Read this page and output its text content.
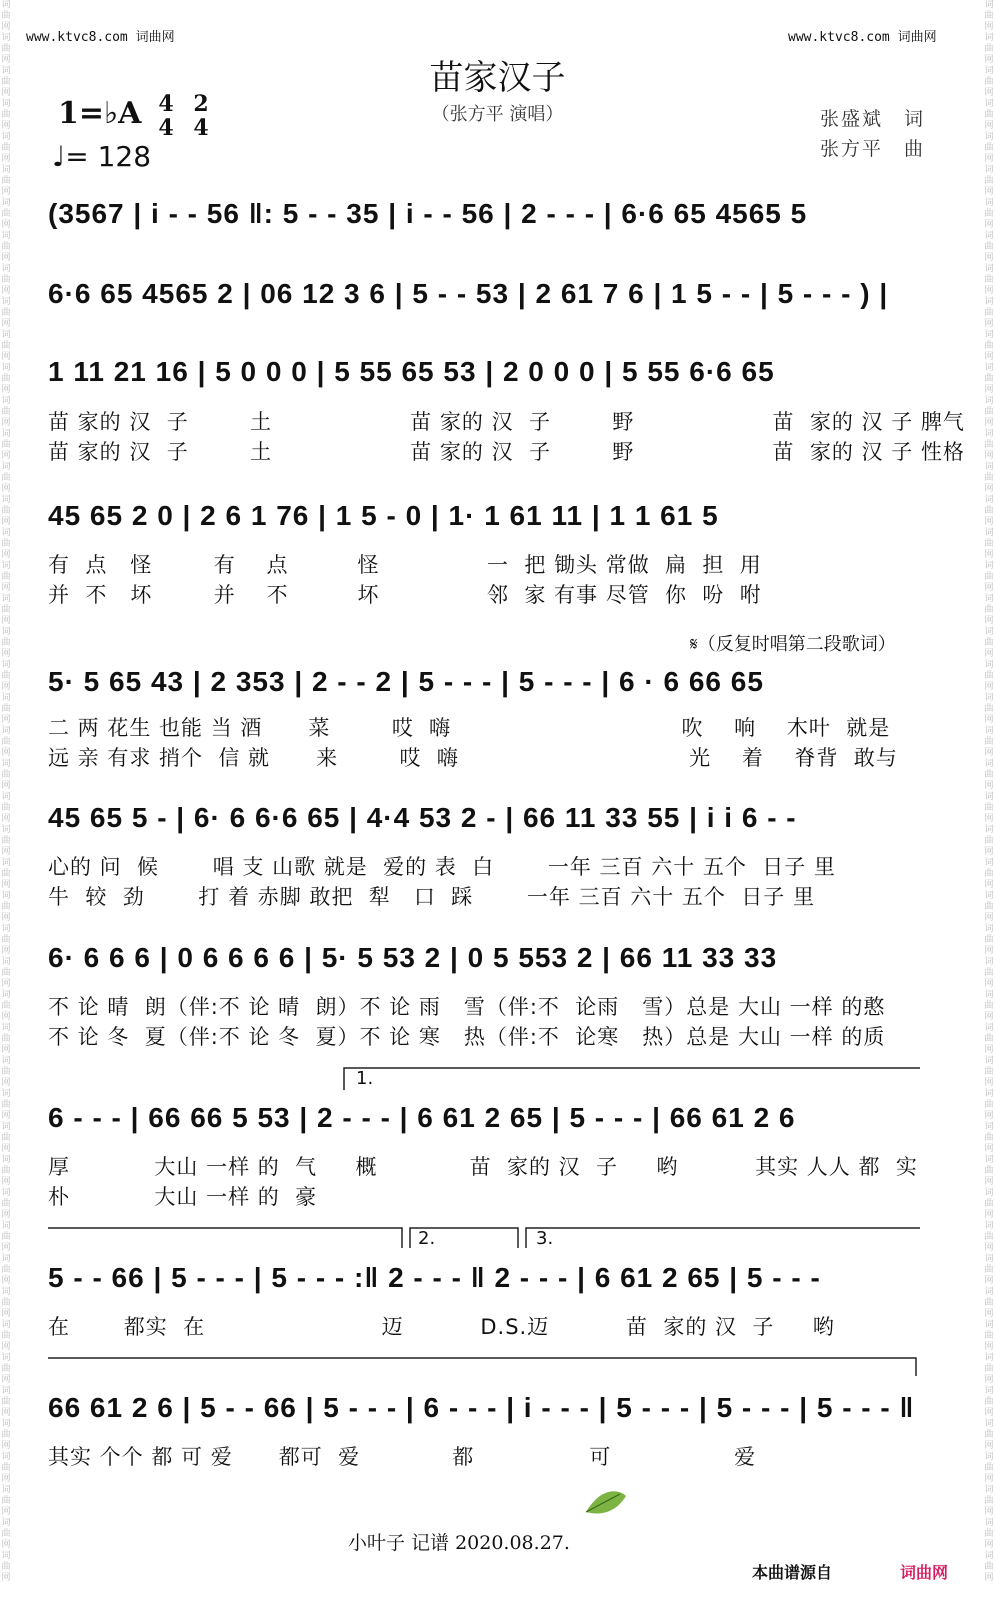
词曲网 词曲网 词曲网 词曲网 词曲网 词曲网 词曲网 词曲网 词曲网 词曲网 词曲网 词曲网 词曲网 词曲网 词曲网 词曲网 词曲网 词曲网 词曲网 词曲网 词曲网 词曲网 词曲网 词曲网 词曲网 词曲网 词曲网 词曲网 词曲网 词曲网 词曲网 词曲网 词曲网 词曲网 词曲网 词曲网 词曲网 词曲网 词曲网 词曲网 词曲网 词曲网 词曲网 词曲网 词曲网 词曲网 词曲网 词曲网
词曲网 词曲网 词曲网 词曲网 词曲网 词曲网 词曲网 词曲网 词曲网 词曲网 词曲网 词曲网 词曲网 词曲网 词曲网 词曲网 词曲网 词曲网 词曲网 词曲网 词曲网 词曲网 词曲网 词曲网 词曲网 词曲网 词曲网 词曲网 词曲网 词曲网 词曲网 词曲网 词曲网 词曲网 词曲网 词曲网 词曲网 词曲网 词曲网 词曲网 词曲网 词曲网 词曲网 词曲网 词曲网 词曲网 词曲网 词曲网
www.ktvc8.com 词曲网	www.ktvc8.com 词曲网
苗家汉子
（张方平 演唱）	张盛斌　词
张方平　曲
1=♭A 4
4
2
4
♩= 128
(3567 | i - - 56 ‖: 5 - - 35 | i - - 56 | 2 - - - | 6·6 65 4565 5
6·6 65 4565 2 | 06 12 3 6 | 5 - - 53 | 2 61 7 6 | 1 5 - - | 5 - - - ) |
1 11 21 16 | 5 0 0 0 | 5 55 65 53 | 2 0 0 0 | 5 55 6·6 65
苗 家的 汉  子        土                  苗 家的 汉  子        野                  苗  家的 汉 子 脾气
苗 家的 汉  子        土                  苗 家的 汉  子        野                  苗  家的 汉 子 性格
45 65 2 0 | 2 6 1 76 | 1 5 - 0 | 1· 1 61 11 | 1 1 61 5
有  点   怪        有    点         怪              一  把 锄头 常做  扁  担  用
并  不   坏        并    不         坏              邻  家 有事 尽管  你  吩  咐
𝄋（反复时唱第二段歌词）
5· 5 65 43 | 2 353 | 2 - - 2 | 5 - - - | 5 - - - | 6 · 6 66 65
二 两 花生 也能 当 酒      菜        哎  嗨                              吹    响    木叶  就是
远 亲 有求 捎个  信 就      来        哎  嗨                              光    着    脊背  敢与
45 65 5 - | 6· 6 6·6 65 | 4·4 53 2 - | 66 11 33 55 | i i 6 - -
心的 问  候       唱 支 山歌 就是  爱的 表  白       一年 三百 六十 五个  日子 里
牛  较  劲       打 着 赤脚 敢把  犁   口  踩       一年 三百 六十 五个  日子 里
6· 6 6 6 | 0 6 6 6 6 | 5· 5 53 2 | 0 5 553 2 | 66 11 33 33
不 论 晴  朗（伴:不 论 晴  朗）不 论 雨   雪（伴:不  论雨   雪）总是 大山 一样 的憨
不 论 冬  夏（伴:不 论 冬  夏）不 论 寒   热（伴:不  论寒   热）总是 大山 一样 的质
1.
6 - - - | 66 66 5 53 | 2 - - - | 6 61 2 65 | 5 - - - | 66 61 2 6
厚           大山 一样 的  气     概            苗  家的 汉  子     哟          其实 人人 都  实
朴           大山 一样 的  豪
2.	3.
5 - - 66 | 5 - - - | 5 - - - :‖ 2 - - - ‖ 2 - - - | 6 61 2 65 | 5 - - -
在       都实  在                       迈          D.S.迈          苗  家的 汉  子     哟
66 61 2 6 | 5 - - 66 | 5 - - - | 6 - - - | i - - - | 5 - - - | 5 - - - | 5 - - - ‖
其实 个个 都 可 爱      都可  爱            都               可                爱
小叶子 记谱 2020.08.27.
本曲谱源自	词曲网
